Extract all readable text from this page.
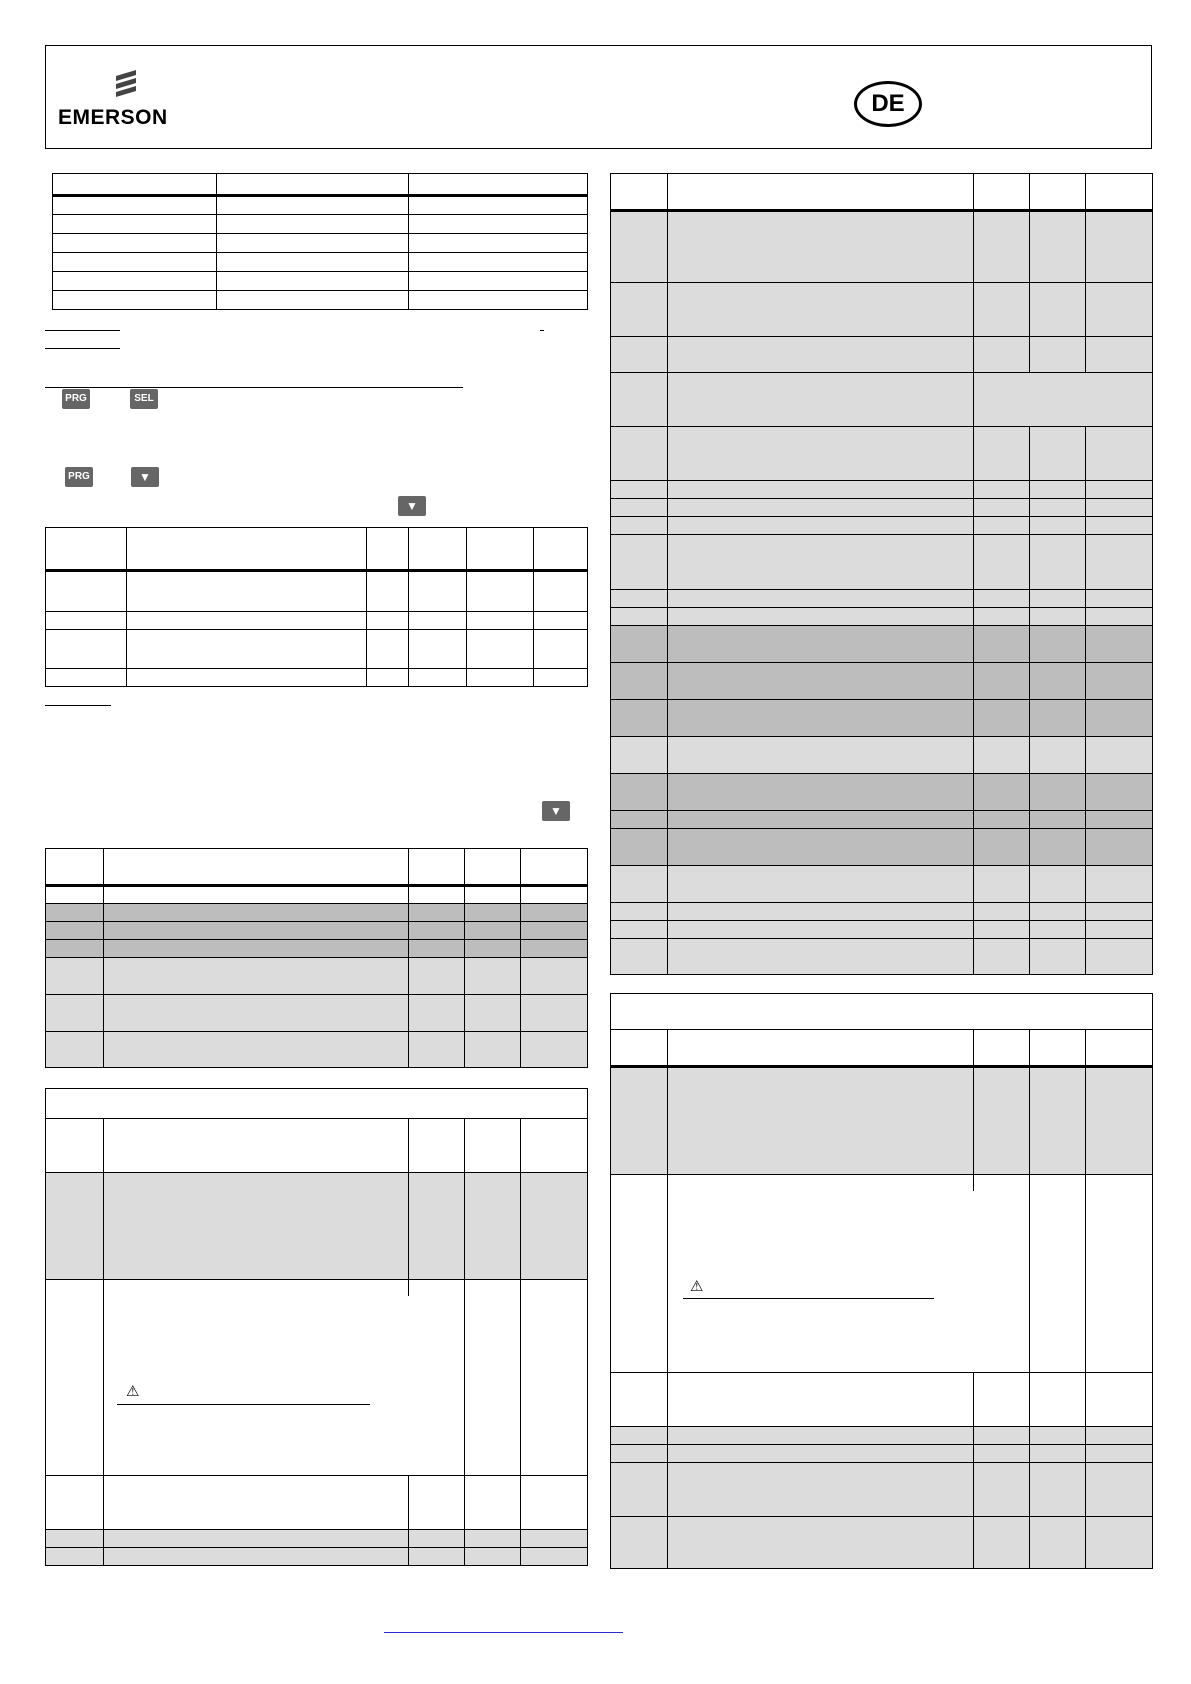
EMERSON
DE

PRG	SEL
PRG	▼
▼

▼

	⚠			

	⚠			
